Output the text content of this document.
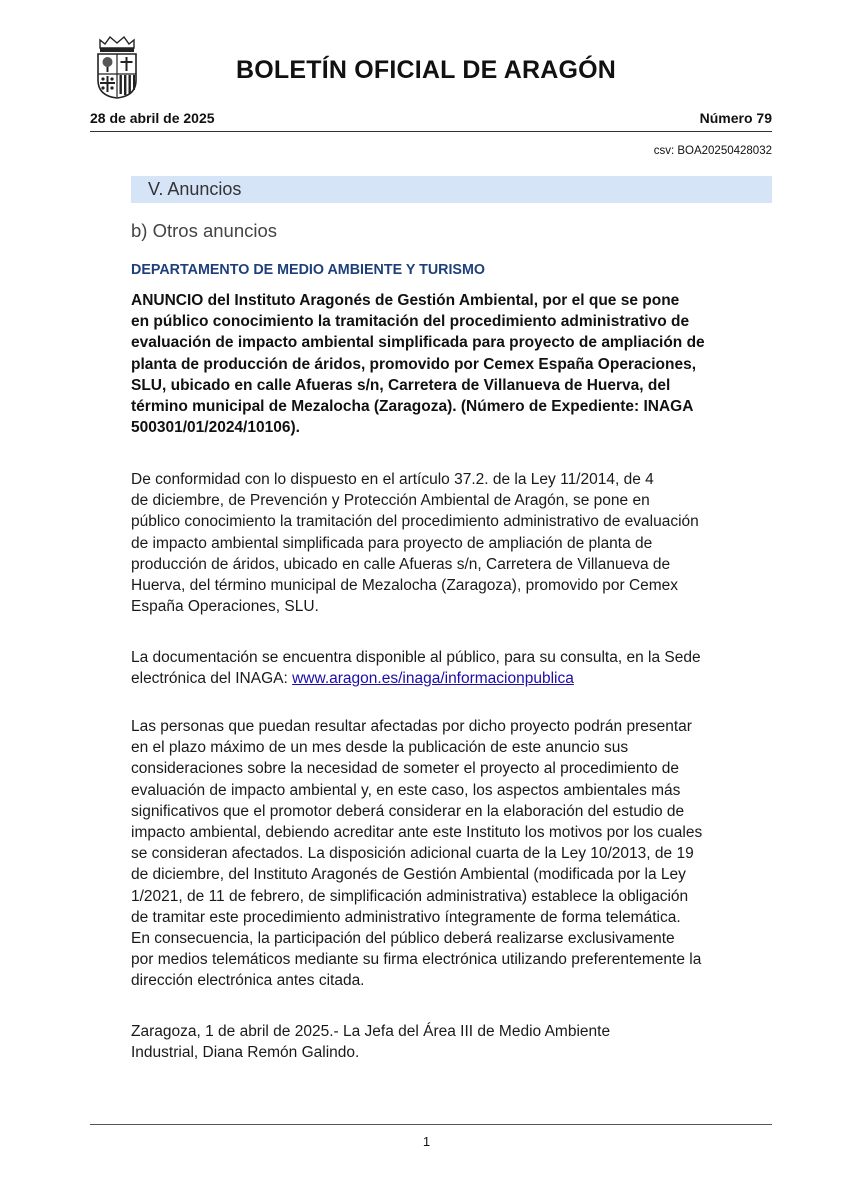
BOLETÍN OFICIAL DE ARAGÓN
28 de abril de 2025	Número 79
csv: BOA20250428032
V. Anuncios
b) Otros anuncios
DEPARTAMENTO DE MEDIO AMBIENTE Y TURISMO

ANUNCIO del Instituto Aragonés de Gestión Ambiental, por el que se pone
en público conocimiento la tramitación del procedimiento administrativo de
evaluación de impacto ambiental simplificada para proyecto de ampliación de
planta de producción de áridos, promovido por Cemex España Operaciones,
SLU, ubicado en calle Afueras s/n, Carretera de Villanueva de Huerva, del
término municipal de Mezalocha (Zaragoza). (Número de Expediente: INAGA
500301/01/2024/10106).

De conformidad con lo dispuesto en el artículo 37.2. de la Ley 11/2014, de 4
de diciembre, de Prevención y Protección Ambiental de Aragón, se pone en
público conocimiento la tramitación del procedimiento administrativo de evaluación
de impacto ambiental simplificada para proyecto de ampliación de planta de
producción de áridos, ubicado en calle Afueras s/n, Carretera de Villanueva de
Huerva, del término municipal de Mezalocha (Zaragoza), promovido por Cemex
España Operaciones, SLU.

La documentación se encuentra disponible al público, para su consulta, en la Sede
electrónica del INAGA: www.aragon.es/inaga/informacionpublica

Las personas que puedan resultar afectadas por dicho proyecto podrán presentar
en el plazo máximo de un mes desde la publicación de este anuncio sus
consideraciones sobre la necesidad de someter el proyecto al procedimiento de
evaluación de impacto ambiental y, en este caso, los aspectos ambientales más
significativos que el promotor deberá considerar en la elaboración del estudio de
impacto ambiental, debiendo acreditar ante este Instituto los motivos por los cuales
se consideran afectados. La disposición adicional cuarta de la Ley 10/2013, de 19
de diciembre, del Instituto Aragonés de Gestión Ambiental (modificada por la Ley
1/2021, de 11 de febrero, de simplificación administrativa) establece la obligación
de tramitar este procedimiento administrativo íntegramente de forma telemática.
En consecuencia, la participación del público deberá realizarse exclusivamente
por medios telemáticos mediante su firma electrónica utilizando preferentemente la
dirección electrónica antes citada.

Zaragoza, 1 de abril de 2025.- La Jefa del Área III de Medio Ambiente
Industrial, Diana Remón Galindo.

1
